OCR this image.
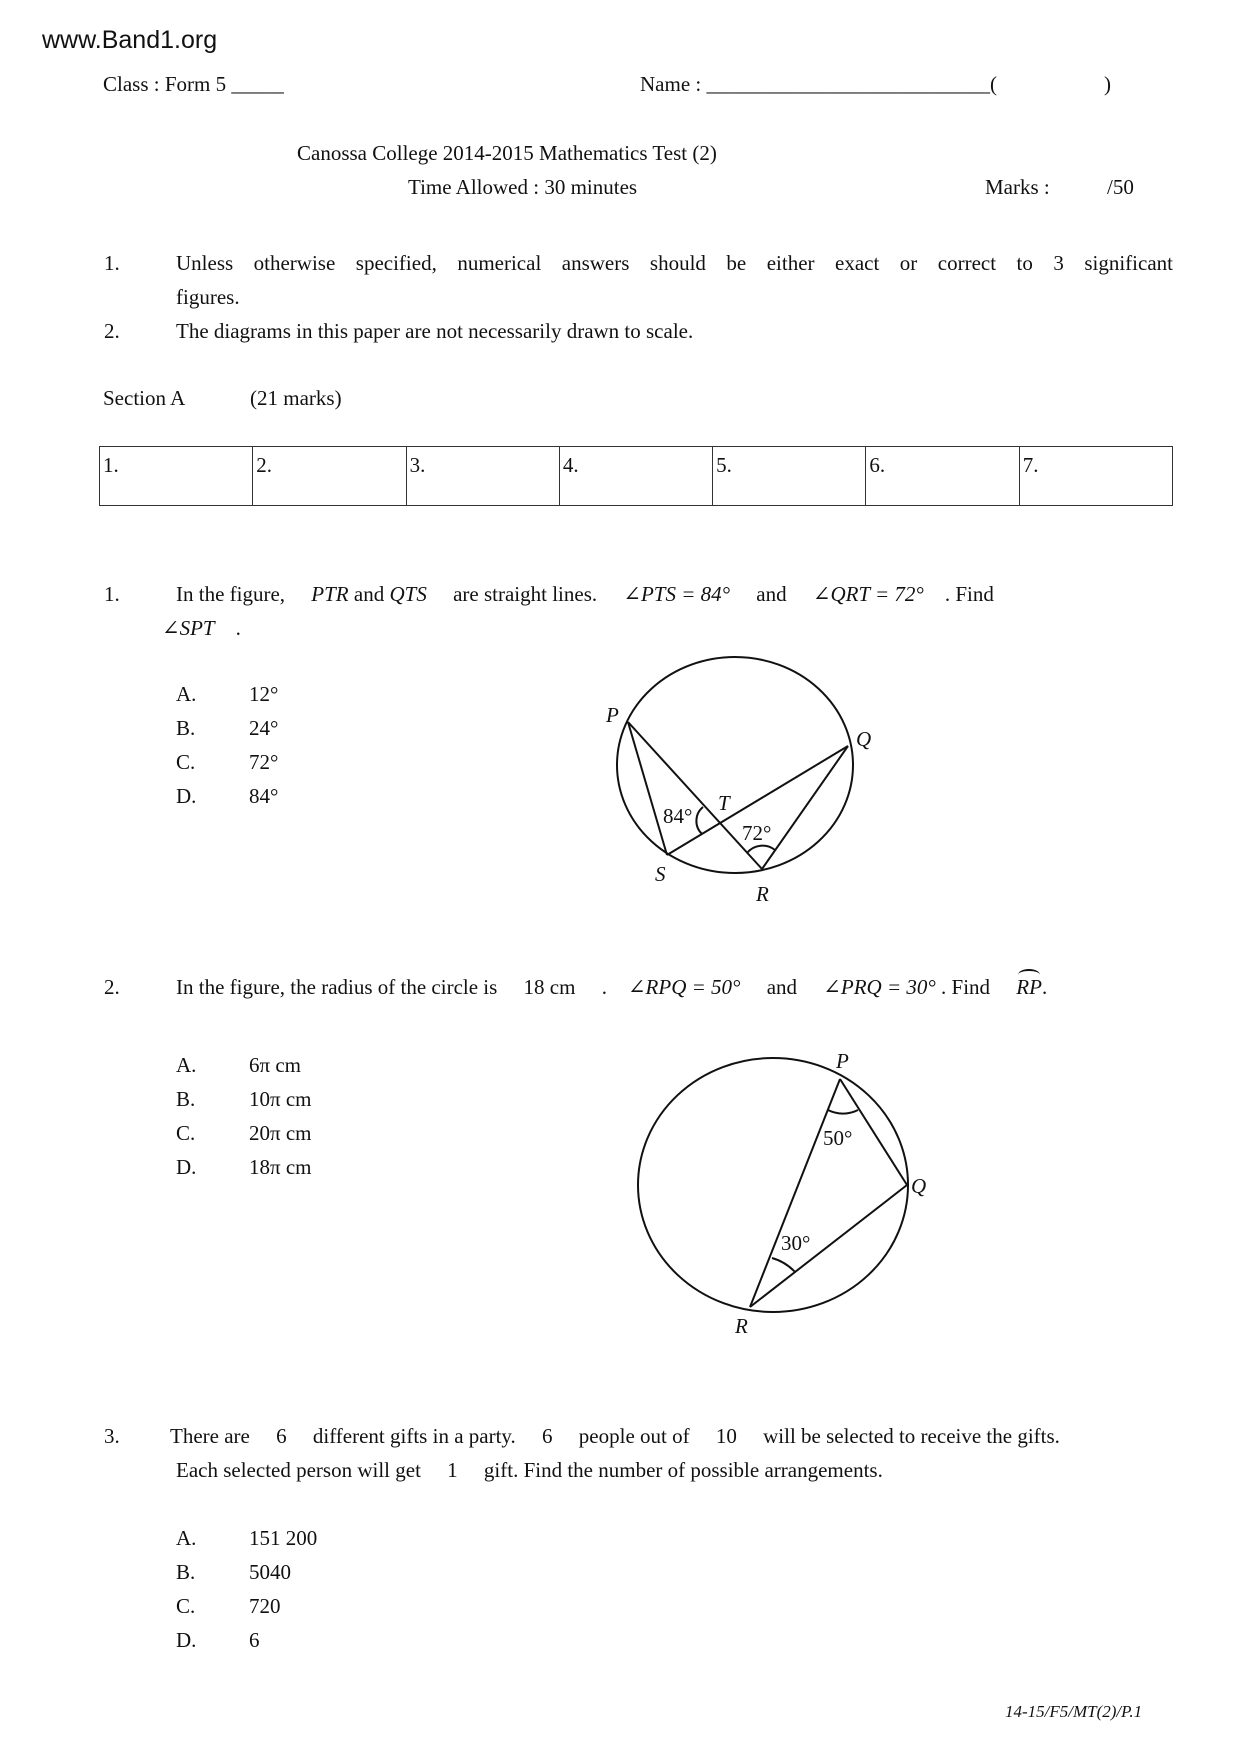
www.Band1.org
Class : Form 5 _____	Name : ___________________________(	)
Canossa College 2014-2015 Mathematics Test (2)
Time Allowed : 30 minutes	Marks :	/50
1.	Unless otherwise specified, numerical answers should be either exact or correct to 3 significant
figures.
2.	The diagrams in this paper are not necessarily drawn to scale.
Section A	(21 marks)
1.	2.	3.	4.	5.	6.	7.
1.	In the figure, PTR and QTS are straight lines. ∠PTS = 84° and ∠QRT = 72° . Find
∠SPT .
A.	12°
B.	24°
C.	72°
D.	84°
P
Q
R
S
T
84°
72°
2.	In the figure, the radius of the circle is 18 cm . ∠RPQ = 50° and ∠PRQ = 30° . Find RP.
A.	6π cm
B.	10π cm
C.	20π cm
D.	18π cm
P
Q
R
50°
30°
3. There are 6 different gifts in a party. 6 people out of 10 will be selected to receive the gifts.
Each selected person will get 1 gift. Find the number of possible arrangements.
A.	151 200
B.	5040
C.	720
D.	6
14-15/F5/MT(2)/P.1
